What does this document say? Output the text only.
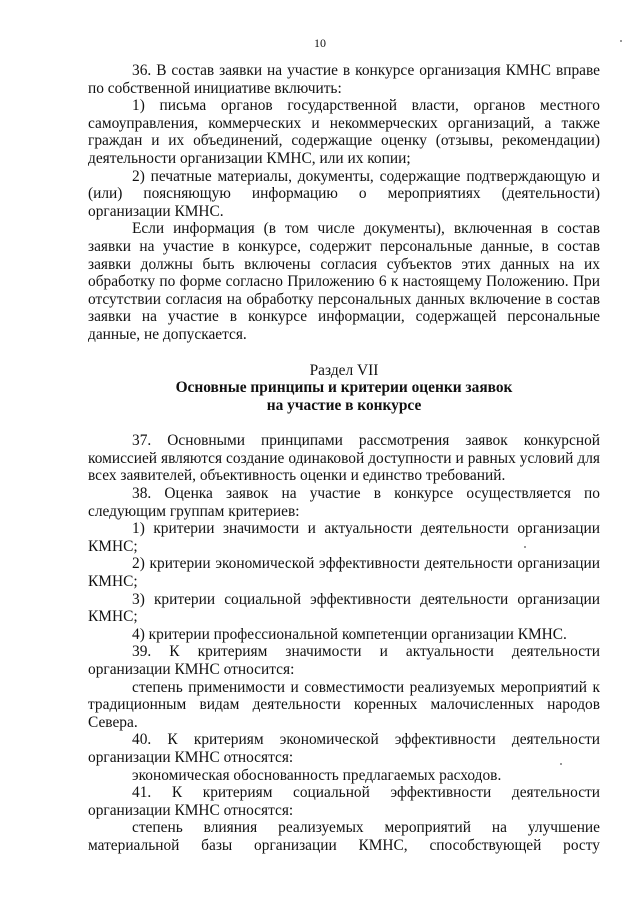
10

36. В состав заявки на участие в конкурсе организация КМНС вправе по собственной инициативе включить:

1) письма органов государственной власти, органов местного самоуправления, коммерческих и некоммерческих организаций, а также граждан и их объединений, содержащие оценку (отзывы, рекомендации) деятельности организации КМНС, или их копии;

2) печатные материалы, документы, содержащие подтверждающую и (или) поясняющую информацию о мероприятиях (деятельности) организации КМНС.

Если информация (в том числе документы), включенная в состав заявки на участие в конкурсе, содержит персональные данные, в состав заявки должны быть включены согласия субъектов этих данных на их обработку по форме согласно Приложению 6 к настоящему Положению. При отсутствии согласия на обработку персональных данных включение в состав заявки на участие в конкурсе информации, содержащей персональные данные, не допускается.

Раздел VII

Основные принципы и критерии оценки заявок

на участие в конкурсе

37. Основными принципами рассмотрения заявок конкурсной комиссией являются создание одинаковой доступности и равных условий для всех заявителей, объективность оценки и единство требований.

38. Оценка заявок на участие в конкурсе осуществляется по следующим группам критериев:

1) критерии значимости и актуальности деятельности организации КМНС;

2) критерии экономической эффективности деятельности организации КМНС;

3) критерии социальной эффективности деятельности организации КМНС;

4) критерии профессиональной компетенции организации КМНС.

39. К критериям значимости и актуальности деятельности организации КМНС относится:

степень применимости и совместимости реализуемых мероприятий к традиционным видам деятельности коренных малочисленных народов Севера.

40. К критериям экономической эффективности деятельности организации КМНС относятся:

экономическая обоснованность предлагаемых расходов.

41. К критериям социальной эффективности деятельности организации КМНС относятся:

степень влияния реализуемых мероприятий на улучшение материальной базы организации КМНС, способствующей росту
